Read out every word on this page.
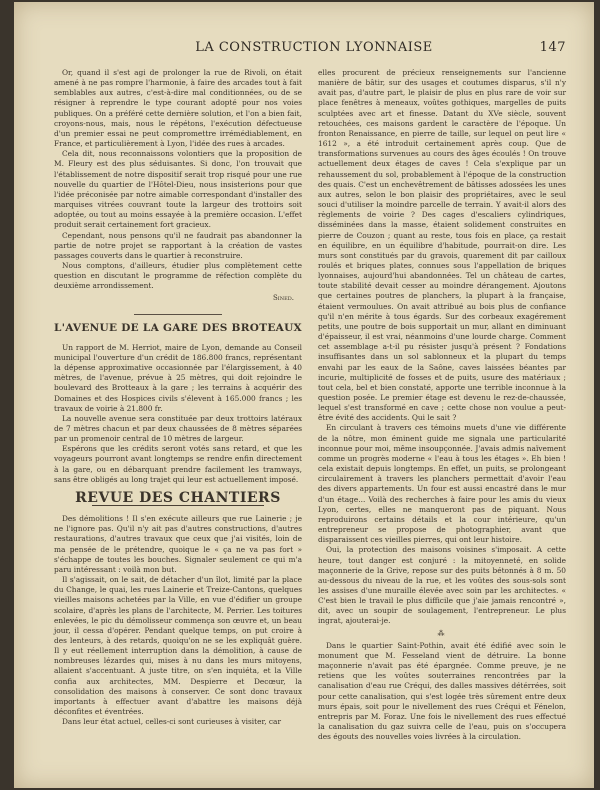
LA CONSTRUCTION LYONNAISE	147

Or, quand il s'est agi de prolonger la rue de Rivoli, on était amené à ne pas rompre l'harmonie, à faire des arcades tout à fait semblables aux autres, c'est-à-dire mal conditionnées, ou de se résigner à reprendre le type courant adopté pour nos voies publiques. On a préféré cette dernière solution, et l'on a bien fait, croyons-nous, mais, nous le répétons, l'exécution défectueuse d'un premier essai ne peut compromettre irrémédiablement, en France, et particulièrement à Lyon, l'idée des rues à arcades.

Cela dit, nous reconnaissons volontiers que la proposition de M. Fleury est des plus séduisantes. Si donc, l'on trouvait que l'établissement de notre dispositif serait trop risqué pour une rue nouvelle du quartier de l'Hôtel-Dieu, nous insisterions pour que l'idée préconisée par notre aimable correspondant d'installer des marquises vitrées couvrant toute la largeur des trottoirs soit adoptée, ou tout au moins essayée à la première occasion. L'effet produit serait certainement fort gracieux.

Cependant, nous pensons qu'il ne faudrait pas abandonner la partie de notre projet se rapportant à la création de vastes passages couverts dans le quartier à reconstruire.

Nous comptons, d'ailleurs, étudier plus complètement cette question en discutant le programme de réfection complète du deuxième arrondissement.

Sined.
L'AVENUE DE LA GARE DES BROTEAUX

Un rapport de M. Herriot, maire de Lyon, demande au Conseil municipal l'ouverture d'un crédit de 186.800 francs, représentant la dépense approximative occasionnée par l'élargissement, à 40 mètres, de l'avenue, prévue à 25 mètres, qui doit rejoindre le boulevard des Brotteaux à la gare ; les terrains à acquérir des Domaines et des Hospices civils s'élevent à 165.000 francs ; les travaux de voirie à 21.800 fr.

La nouvelle avenue sera constituée par deux trottoirs latéraux de 7 mètres chacun et par deux chaussées de 8 mètres séparées par un promenoir central de 10 mètres de largeur.

Espérons que les crédits seront votés sans retard, et que les voyageurs pourront avant longtemps se rendre enfin directement à la gare, ou en débarquant prendre facilement les tramways, sans être obligés au long trajet qui leur est actuellement imposé.

REVUE DES CHANTIERS

Des démolitions ! Il s'en exécute ailleurs que rue Lainerie ; je ne l'ignore pas. Qu'il n'y ait pas d'autres constructions, d'autres restaurations, d'autres travaux que ceux que j'ai visités, loin de ma pensée de le prétendre, quoique le « ça ne va pas fort » s'échappe de toutes les bouches. Signaler seulement ce qui m'a paru intéressant : voilà mon but.

Il s'agissait, on le sait, de détacher d'un îlot, limité par la place du Change, le quai, les rues Lainerie et Treize-Cantons, quelques vieilles maisons achetées par la Ville, en vue d'édifier un groupe scolaire, d'après les plans de l'architecte, M. Perrier. Les toitures enlevées, le pic du démolisseur commença son œuvre et, un beau jour, il cessa d'opérer. Pendant quelque temps, on put croire à des lenteurs, à des retards, quoiqu'on ne se les expliquât guère. Il y eut réellement interruption dans la démolition, à cause de nombreuses lézardes qui, mises à nu dans les murs mitoyens, allaient s'accentuant. A juste titre, on s'en inquiéta, et la Ville confia aux architectes, MM. Despierre et Decœur, la consolidation des maisons à conserver. Ce sont donc travaux importants à effectuer avant d'abattre les maisons déjà déconfites et éventrées.

Dans leur état actuel, celles-ci sont curieuses à visiter, car

elles procurent de précieux renseignements sur l'ancienne manière de bâtir, sur des usages et coutumes disparus, s'il n'y avait pas, d'autre part, le plaisir de plus en plus rare de voir sur place fenêtres à meneaux, voûtes gothiques, margelles de puits sculptées avec art et finesse. Datant du XVe siècle, souvent retouchées, ces maisons gardent le caractère de l'époque. Un fronton Renaissance, en pierre de taille, sur lequel on peut lire « 1612 », a été introduit certainement après coup. Que de transformations survenues au cours des âges écoulés ! On trouve actuellement deux étages de caves ! Cela s'explique par un rehaussement du sol, probablement à l'époque de la construction des quais. C'est un enchevêtrement de bâtisses adossées les unes aux autres, selon le bon plaisir des propriétaires, avec le seul souci d'utiliser la moindre parcelle de terrain. Y avait-il alors des règlements de voirie ? Des cages d'escaliers cylindriques, disséminées dans la masse, étaient solidement construites en pierre de Couzon ; quant au reste, tous fois en place, ça restait en équilibre, en un équilibre d'habitude, pourrait-on dire. Les murs sont constitués par du gravois, quarement dit par cailloux roulés et briques plates, connues sous l'appellation de briques lyonnaises, aujourd'hui abandonnées. Tel un château de cartes, toute stabilité devait cesser au moindre dérangement. Ajoutons que certaines poutres de planchers, la plupart à la française, étaient vermoulues. On avait attribué au bois plus de confiance qu'il n'en mérite à tous égards. Sur des corbeaux exagérement petits, une poutre de bois supportait un mur, allant en diminuant d'épaisseur, il est vrai, néanmoins d'une lourde charge. Comment cet assemblage a-t-il pu résister jusqu'à présent ? Fondations insuffisantes dans un sol sablonneux et la plupart du temps envahi par les eaux de la Saône, caves laissées béantes par incurie, multiplicité de fosses et de puits, usure des matériaux ; tout cela, bel et bien constaté, apporte une terrible inconnue à la question posée. Le premier étage est devenu le rez-de-chaussée, lequel s'est transformé en cave ; cette chose non voulue a peut-être évité des accidents. Qui le sait ?

En circulant à travers ces témoins muets d'une vie différente de la nôtre, mon éminent guide me signala une particularité inconnue pour moi, même insoupçonnée. J'avais admis naïvement comme un progrès moderne « l'eau à tous les étages ». Eh bien ! cela existait depuis longtemps. En effet, un puits, se prolongeant circulairement à travers les planchers permettait d'avoir l'eau des divers appartements. Un four est aussi encastré dans le mur d'un étage... Voilà des recherches à faire pour les amis du vieux Lyon, certes, elles ne manqueront pas de piquant. Nous reproduirons certains détails et la cour intérieure, qu'un entrepreneur se propose de photographier, avant que disparaissent ces vieilles pierres, qui ont leur histoire.

Oui, la protection des maisons voisines s'imposait. A cette heure, tout danger est conjuré : la mitoyenneté, en solide maçonnerie de la Grive, repose sur des puits bétonnés à 8 m. 50 au-dessous du niveau de la rue, et les voûtes des sous-sols sont les assises d'une muraille élevée avec soin par les architectes. « C'est bien le travail le plus difficile que j'aie jamais rencontré », dit, avec un soupir de soulagement, l'entrepreneur. Le plus ingrat, ajouterai-je.

⁂

Dans le quartier Saint-Pothin, avait été édifié avec soin le monument que M. Fesseland vient de détruire. La bonne maçonnerie n'avait pas été épargnée. Comme preuve, je ne retiens que les voûtes souterraines rencontrées par la canalisation d'eau rue Créqui, des dalles massives détérrées, soit pour cette canalisation, qui s'est logée très sûrement entre deux murs épais, soit pour le nivellement des rues Créqui et Fénelon, entrepris par M. Foraz. Une fois le nivellement des rues effectué la canalisation du gaz suivra celle de l'eau, puis on s'occupera des égouts des nouvelles voies livrées à la circulation.
